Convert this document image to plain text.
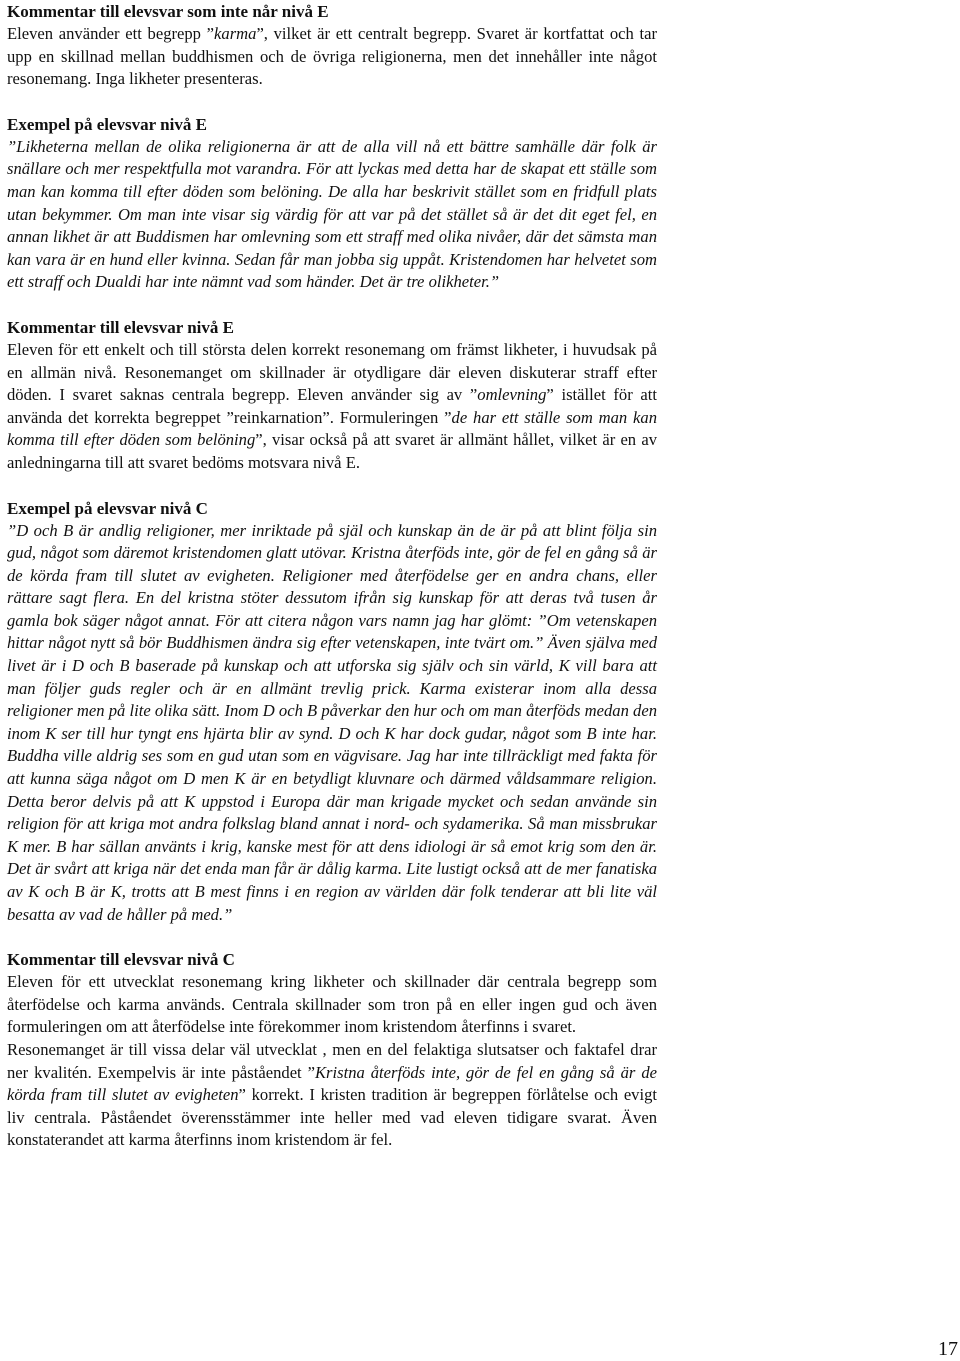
Kommentar till elevsvar som inte når nivå E

Eleven använder ett begrepp ”karma”, vilket är ett centralt begrepp. Svaret är kortfattat och tar upp en skillnad mellan buddhismen och de övriga religionerna, men det innehåller inte något resonemang. Inga likheter presenteras.

Exempel på elevsvar nivå E

”Likheterna mellan de olika religionerna är att de alla vill nå ett bättre samhälle där folk är snällare och mer respektfulla mot varandra. För att lyckas med detta har de skapat ett ställe som man kan komma till efter döden som belöning. De alla har beskrivit stället som en fridfull plats utan bekymmer. Om man inte visar sig värdig för att var på det stället så är det dit eget fel, en annan likhet är att Buddismen har omlevning som ett straff med olika nivåer, där det sämsta man kan vara är en hund eller kvinna. Sedan får man jobba sig uppåt. Kristendomen har helvetet som ett straff och Dualdi har inte nämnt vad som händer. Det är tre olikheter.”

Kommentar till elevsvar nivå E

Eleven för ett enkelt och till största delen korrekt resonemang om främst likheter, i huvudsak på en allmän nivå. Resonemanget om skillnader är otydligare där eleven diskuterar straff efter döden. I svaret saknas centrala begrepp. Eleven använder sig av ”omlevning” istället för att använda det korrekta begreppet ”reinkarnation”. Formuleringen ”de har ett ställe som man kan komma till efter döden som belöning”, visar också på att svaret är allmänt hållet, vilket är en av anledningarna till att svaret bedöms motsvara nivå E.

Exempel på elevsvar nivå C

”D och B är andlig religioner, mer inriktade på själ och kunskap än de är på att blint följa sin gud, något som däremot kristendomen glatt utövar. Kristna återföds inte, gör de fel en gång så är de körda fram till slutet av evigheten. Religioner med återfödelse ger en andra chans, eller rättare sagt flera. En del kristna stöter dessutom ifrån sig kunskap för att deras två tusen år gamla bok säger något annat. För att citera någon vars namn jag har glömt: ”Om vetenskapen hittar något nytt så bör Buddhismen ändra sig efter vetenskapen, inte tvärt om.” Även själva med livet är i D och B baserade på kunskap och att utforska sig själv och sin värld, K vill bara att man följer guds regler och är en allmänt trevlig prick. Karma existerar inom alla dessa religioner men på lite olika sätt. Inom D och B påverkar den hur och om man återföds medan den inom K ser till hur tyngt ens hjärta blir av synd. D och K har dock gudar, något som B inte har. Buddha ville aldrig ses som en gud utan som en vägvisare. Jag har inte tillräckligt med fakta för att kunna säga något om D men K är en betydligt kluvnare och därmed våldsammare religion. Detta beror delvis på att K uppstod i Europa där man krigade mycket och sedan använde sin religion för att kriga mot andra folkslag bland annat i nord- och sydamerika. Så man missbrukar K mer. B har sällan använts i krig, kanske mest för att dens idiologi är så emot krig som den är. Det är svårt att kriga när det enda man får är dålig karma. Lite lustigt också att de mer fanatiska av K och B är K, trotts att B mest finns i en region av världen där folk tenderar att bli lite väl besatta av vad de håller på med.”

Kommentar till elevsvar nivå C

Eleven för ett utvecklat resonemang kring likheter och skillnader där centrala begrepp som återfödelse och karma används. Centrala skillnader som tron på en eller ingen gud och även formuleringen om att återfödelse inte förekommer inom kristendom återfinns i svaret.

Resonemanget är till vissa delar väl utvecklat , men en del felaktiga slutsatser och faktafel drar ner kvalitén. Exempelvis är inte påståendet ”Kristna återföds inte, gör de fel en gång så är de körda fram till slutet av evigheten” korrekt. I kristen tradition är begreppen förlåtelse och evigt liv centrala. Påståendet överensstämmer inte heller med vad eleven tidigare svarat. Även konstaterandet att karma återfinns inom kristendom är fel.

17
